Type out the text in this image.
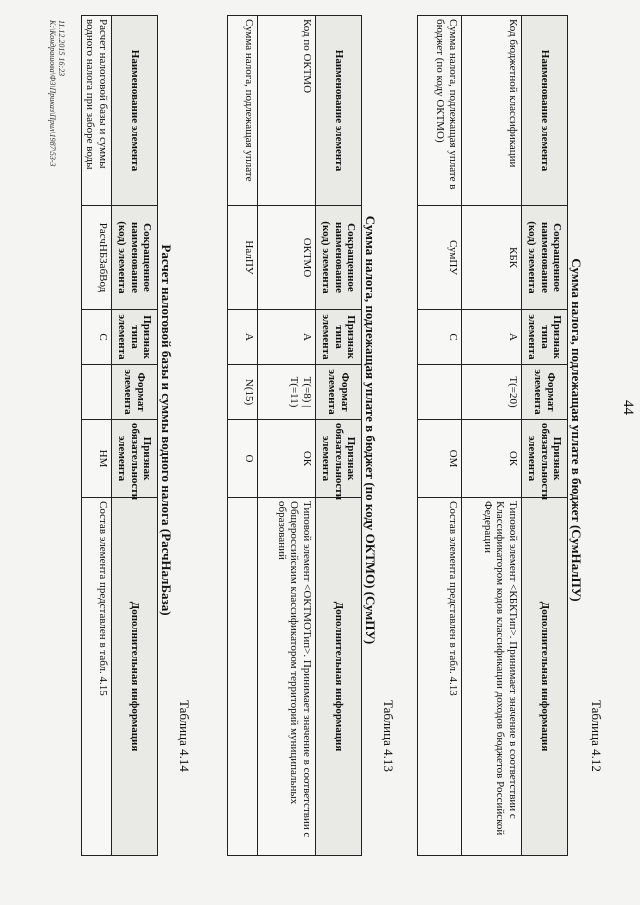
44
Таблица 4.12
Сумма налога, подлежащая уплате в бюджет (СумНалПУ)
Наименование элемента	Сокращенное наименование (код) элемента	Признак типа элемента	Формат элемента	Признак обязательности элемента	Дополнительная информация
Код бюджетной классификации	КБК	А	Т(=20)	ОК	Типовой элемент <КБКТип>. Принимает значение в соответствии с Классификатором кодов классификации доходов бюджетов Российской Федерации
Сумма налога, подлежащая уплате в бюджет (по коду ОКТМО)	СумПУ	С		ОМ	Состав элемента представлен в табл. 4.13
Таблица 4.13
Сумма налога, подлежащая уплате в бюджет (по коду ОКТМО) (СумПУ)
Наименование элемента	Сокращенное наименование (код) элемента	Признак типа элемента	Формат элемента	Признак обязательности элемента	Дополнительная информация
Код по ОКТМО	ОКТМО	А	Т(=8) | Т(=11)	ОК	Типовой элемент <ОКТМОТип>. Принимает значение в соответствии с Общероссийским классификатором территорий муниципальных образований
Сумма налога, подлежащая уплате	НалПУ	А	N(15)	О	
Таблица 4.14
Расчет налоговой базы и суммы водного налога (РасчНалБаза)
Наименование элемента	Сокращенное наименование (код) элемента	Признак типа элемента	Формат элемента	Признак обязательности элемента	Дополнительная информация
Расчет налоговой базы и суммы водного налога при заборе воды	РасчНБЗабВод	С		НМ	Состав элемента представлен в табл. 4.15
11.12.2015 16:23
К:\Кондрашова\ФЗ\Приказ\Прил\1987\53-3
